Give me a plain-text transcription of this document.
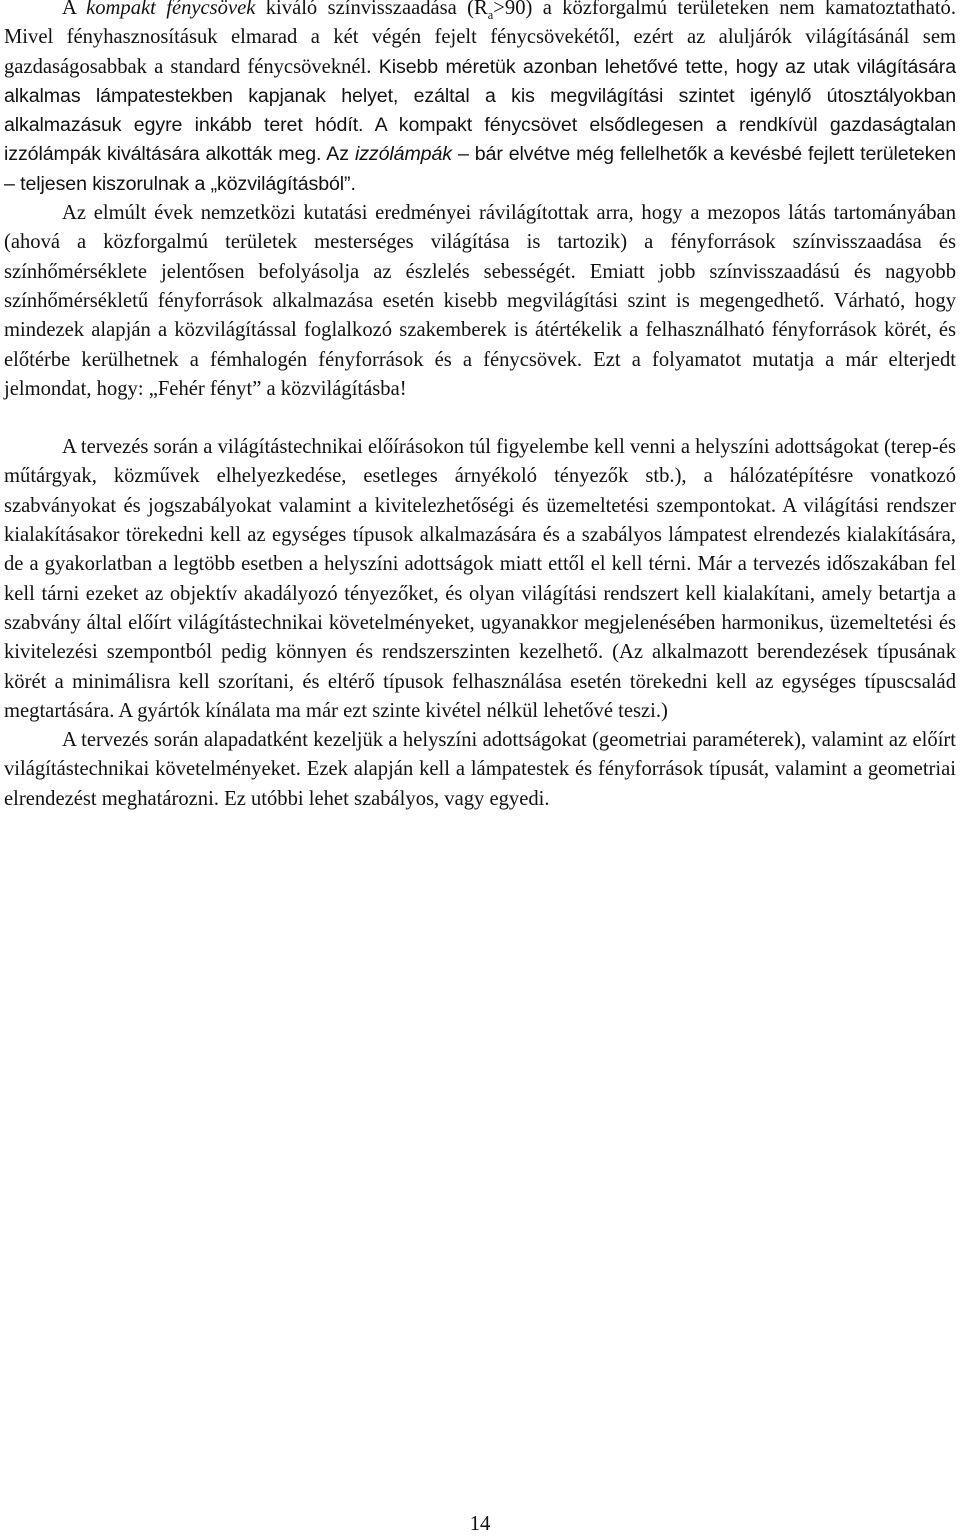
A kompakt fénycsövek kiváló színvisszaadása $(R_a>90)$ a közforgalmú területeken nem kamatoztatható. Mivel fényhasznosításuk elmarad a két végén fejelt fénycsövekétől, ezért az aluljárók világításánál sem gazdaságosabbak a standard fénycsöveknél. Kisebb méretük azonban lehetővé tette, hogy az utak világítására alkalmas lámpatestekben kapjanak helyet, ezáltal a kis megvilágítási szintet igénylő útosztályokban alkalmazásuk egyre inkább teret hódít. A kompakt fénycsövet elsődlegesen a rendkívül gazdaságtalan izzólámpák kiváltására alkották meg. Az izzólámpák – bár elvétve még fellelhetők a kevésbé fejlett területeken – teljesen kiszorulnak a „közvilágításból”.

Az elmúlt évek nemzetközi kutatási eredményei rávilágítottak arra, hogy a mezopos látás tartományában (ahová a közforgalmú területek mesterséges világítása is tartozik) a fényforrások színvisszaadása és színhőmérséklete jelentősen befolyásolja az észlelés sebességét. Emiatt jobb színvisszaadású és nagyobb színhőmérsékletű fényforrások alkalmazása esetén kisebb megvilágítási szint is megengedhető. Várható, hogy mindezek alapján a közvilágítással foglalkozó szakemberek is átértékelik a felhasználható fényforrások körét, és előtérbe kerülhetnek a fémhalogén fényforrások és a fénycsövek. Ezt a folyamatot mutatja a már elterjedt jelmondat, hogy: „Fehér fényt” a közvilágításba!

A tervezés során a világítástechnikai előírásokon túl figyelembe kell venni a helyszíni adottságokat (terep-és műtárgyak, közművek elhelyezkedése, esetleges árnyékoló tényezők stb.), a hálózatépítésre vonatkozó szabványokat és jogszabályokat valamint a kivitelezhetőségi és üzemeltetési szempontokat. A világítási rendszer kialakításakor törekedni kell az egységes típusok alkalmazására és a szabályos lámpatest elrendezés kialakítására, de a gyakorlatban a legtöbb esetben a helyszíni adottságok miatt ettől el kell térni. Már a tervezés időszakában fel kell tárni ezeket az objektív akadályozó tényezőket, és olyan világítási rendszert kell kialakítani, amely betartja a szabvány által előírt világítástechnikai követelményeket, ugyanakkor megjelenésében harmonikus, üzemeltetési és kivitelezési szempontból pedig könnyen és rendszerszinten kezelhető. (Az alkalmazott berendezések típusának körét a minimálisra kell szorítani, és eltérő típusok felhasználása esetén törekedni kell az egységes típuscsalád megtartására. A gyártók kínálata ma már ezt szinte kivétel nélkül lehetővé teszi.)

A tervezés során alapadatként kezeljük a helyszíni adottságokat (geometriai paraméterek), valamint az előírt világítástechnikai követelményeket. Ezek alapján kell a lámpatestek és fényforrások típusát, valamint a geometriai elrendezést meghatározni. Ez utóbbi lehet szabályos, vagy egyedi.

14
